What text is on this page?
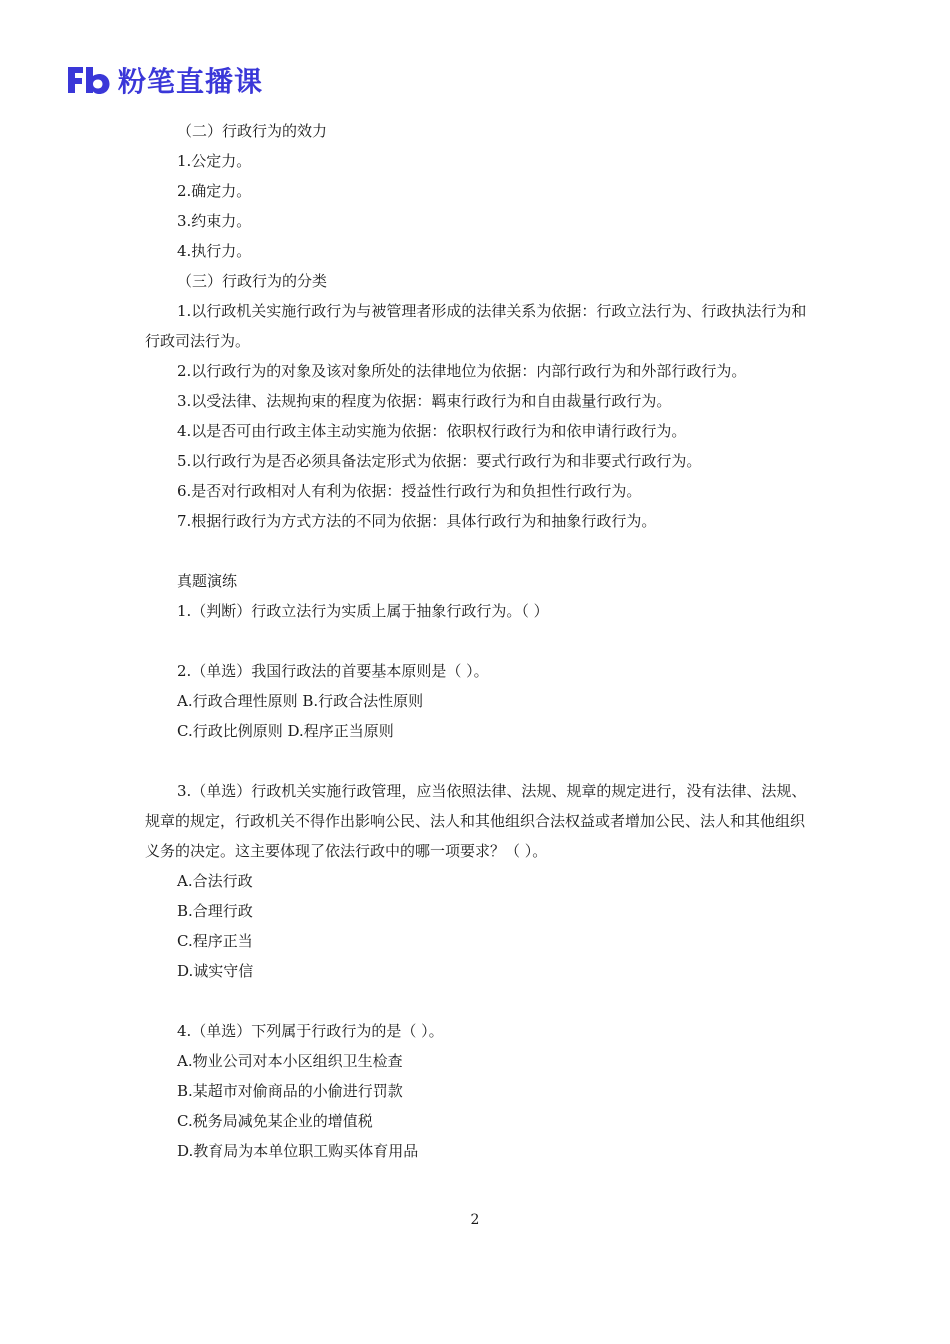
粉笔直播课

（二）行政行为的效力

1.公定力。

2.确定力。

3.约束力。

4.执行力。

（三）行政行为的分类

1.以行政机关实施行政行为与被管理者形成的法律关系为依据：行政立法行为、行政执法行为和行政司法行为。

2.以行政行为的对象及该对象所处的法律地位为依据：内部行政行为和外部行政行为。

3.以受法律、法规拘束的程度为依据：羁束行政行为和自由裁量行政行为。

4.以是否可由行政主体主动实施为依据：依职权行政行为和依申请行政行为。

5.以行政行为是否必须具备法定形式为依据：要式行政行为和非要式行政行为。

6.是否对行政相对人有利为依据：授益性行政行为和负担性行政行为。

7.根据行政行为方式方法的不同为依据：具体行政行为和抽象行政行为。

真题演练

1.（判断）行政立法行为实质上属于抽象行政行为。（ ）

2.（单选）我国行政法的首要基本原则是（ ）。

A.行政合理性原则 B.行政合法性原则

C.行政比例原则 D.程序正当原则

3.（单选）行政机关实施行政管理，应当依照法律、法规、规章的规定进行，没有法律、法规、规章的规定，行政机关不得作出影响公民、法人和其他组织合法权益或者增加公民、法人和其他组织义务的决定。这主要体现了依法行政中的哪一项要求？（ ）。

A.合法行政

B.合理行政

C.程序正当

D.诚实守信

4.（单选）下列属于行政行为的是（ ）。

A.物业公司对本小区组织卫生检查

B.某超市对偷商品的小偷进行罚款

C.税务局减免某企业的增值税

D.教育局为本单位职工购买体育用品

2
